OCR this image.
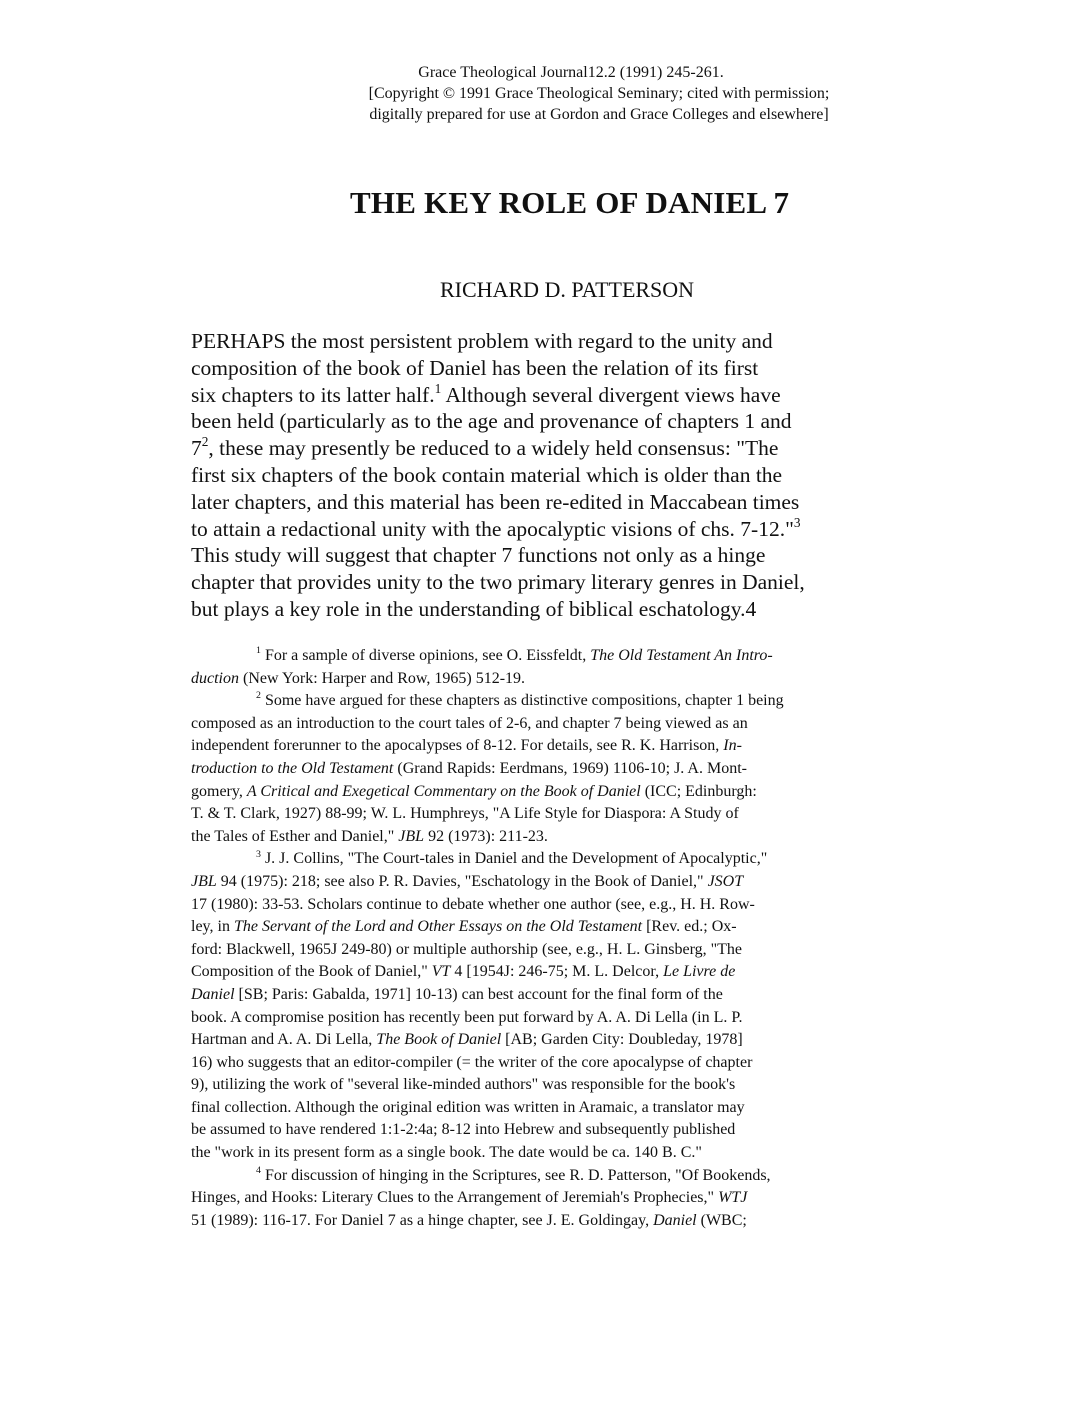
Grace Theological Journal12.2 (1991) 245-261.
[Copyright © 1991 Grace Theological Seminary; cited with permission;
digitally prepared for use at Gordon and Grace Colleges and elsewhere]
THE KEY ROLE OF DANIEL 7
RICHARD D. PATTERSON
PERHAPS the most persistent problem with regard to the unity and
composition of the book of Daniel has been the relation of its first
six chapters to its latter half.$^1$ Although several divergent views have
been held (particularly as to the age and provenance of chapters 1 and
$7^2$, these may presently be reduced to a widely held consensus: "The
first six chapters of the book contain material which is older than the
later chapters, and this material has been re-edited in Maccabean times
to attain a redactional unity with the apocalyptic visions of chs. 7-12."$^3$
This study will suggest that chapter 7 functions not only as a hinge
chapter that provides unity to the two primary literary genres in Daniel,
but plays a key role in the understanding of biblical eschatology.4
$^1$ For a sample of diverse opinions, see O. Eissfeldt, The Old Testament An Intro-
duction (New York: Harper and Row, 1965) 512-19.
$^2$ Some have argued for these chapters as distinctive compositions, chapter 1 being
composed as an introduction to the court tales of 2-6, and chapter 7 being viewed as an
independent forerunner to the apocalypses of 8-12. For details, see R. K. Harrison, In-
troduction to the Old Testament (Grand Rapids: Eerdmans, 1969) 1106-10; J. A. Mont-
gomery, A Critical and Exegetical Commentary on the Book of Daniel (ICC; Edinburgh:
T. & T. Clark, 1927) 88-99; W. L. Humphreys, "A Life Style for Diaspora: A Study of
the Tales of Esther and Daniel," JBL 92 (1973): 211-23.
$^3$ J. J. Collins, "The Court-tales in Daniel and the Development of Apocalyptic,"
JBL 94 (1975): 218; see also P. R. Davies, "Eschatology in the Book of Daniel," JSOT
17 (1980): 33-53. Scholars continue to debate whether one author (see, e.g., H. H. Row-
ley, in The Servant of the Lord and Other Essays on the Old Testament [Rev. ed.; Ox-
ford: Blackwell, 1965J 249-80) or multiple authorship (see, e.g., H. L. Ginsberg, "The
Composition of the Book of Daniel," VT 4 [1954J: 246-75; M. L. Delcor, Le Livre de
Daniel [SB; Paris: Gabalda, 1971] 10-13) can best account for the final form of the
book. A compromise position has recently been put forward by A. A. Di Lella (in L. P.
Hartman and A. A. Di Lella, The Book of Daniel [AB; Garden City: Doubleday, 1978]
16) who suggests that an editor-compiler (= the writer of the core apocalypse of chapter
9), utilizing the work of "several like-minded authors" was responsible for the book's
final collection. Although the original edition was written in Aramaic, a translator may
be assumed to have rendered 1:1-2:4a; 8-12 into Hebrew and subsequently published
the "work in its present form as a single book. The date would be ca. 140 B. C."
$^4$ For discussion of hinging in the Scriptures, see R. D. Patterson, "Of Bookends,
Hinges, and Hooks: Literary Clues to the Arrangement of Jeremiah's Prophecies," WTJ
51 (1989): 116-17. For Daniel 7 as a hinge chapter, see J. E. Goldingay, Daniel (WBC;
